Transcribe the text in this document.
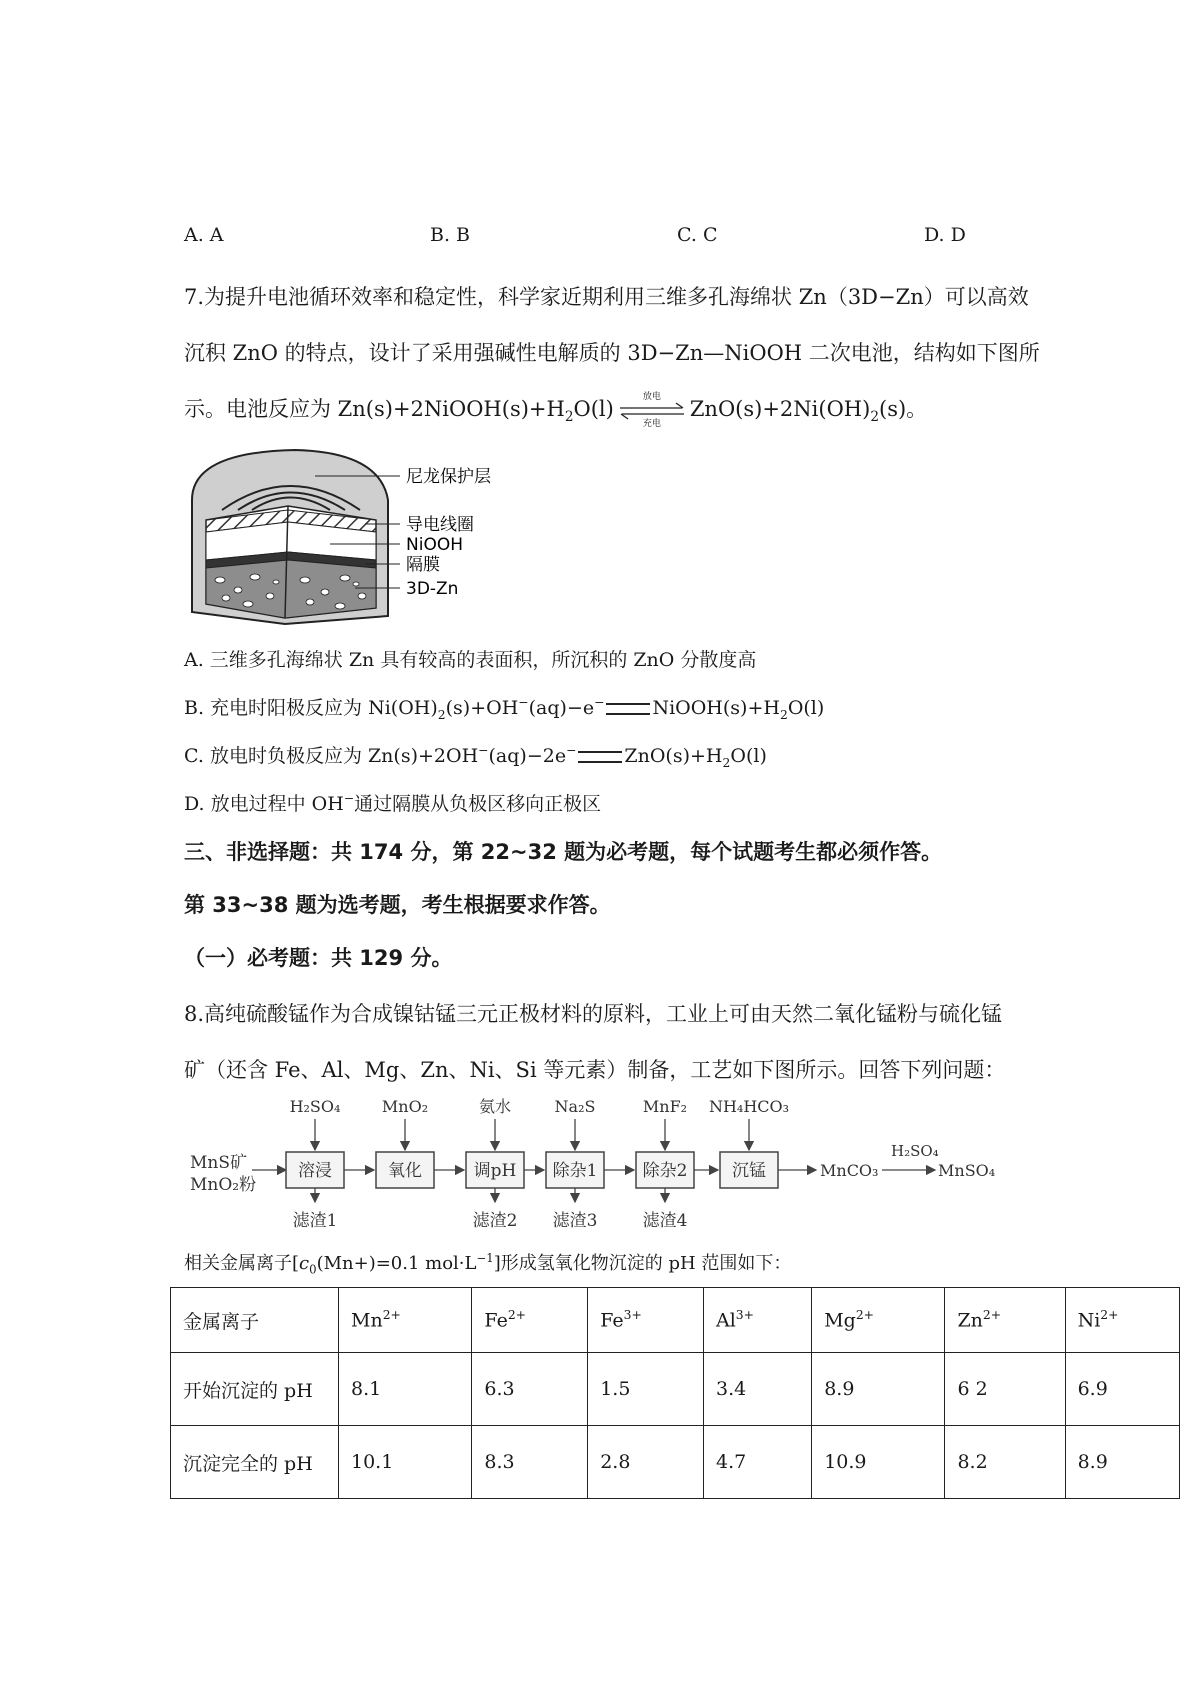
A. A	B. B	C. C	D. D
7.为提升电池循环效率和稳定性，科学家近期利用三维多孔海绵状 Zn（3D−Zn）可以高效
沉积 ZnO 的特点，设计了采用强碱性电解质的 3D−Zn—NiOOH 二次电池，结构如下图所
示。电池反应为 $Zn(s)+2NiOOH(s)+H_2O(l)$
放电
充电
$ZnO(s)+2Ni(OH)_2(s)$。
尼龙保护层
导电线圈
NiOOH
隔膜
3D-Zn
A. 三维多孔海绵状 Zn 具有较高的表面积，所沉积的 ZnO 分散度高
B. 充电时阳极反应为 $Ni(OH)_2(s)+OH^-(aq)-e^-$	$NiOOH(s)+H_2O(l)$
C. 放电时负极反应为 Zn(s)+2OH−(aq)−2e−	$ZnO(s)+H_2O(l)$
D. 放电过程中 OH−通过隔膜从负极区移向正极区
三、非选择题：共 174 分，第 22~32 题为必考题，每个试题考生都必须作答。
第 33~38 题为选考题，考生根据要求作答。
（一）必考题：共 129 分。
8.高纯硫酸锰作为合成镍钴锰三元正极材料的原料，工业上可由天然二氧化锰粉与硫化锰
矿（还含 Fe、Al、Mg、Zn、Ni、Si 等元素）制备，工艺如下图所示。回答下列问题：
MnS矿
MnO₂粉
溶浸
H₂SO₄
氧化
MnO₂
调pH
氨水
除杂1
Na₂S
除杂2
MnF₂
沉锰
NH₄HCO₃
滤渣1	滤渣2 滤渣3	滤渣4
MnCO₃
H₂SO₄
MnSO₄
相关金属离子[$c_0(Mn+)=0.1$ $mol\cdot L^{-1}$]形成氢氧化物沉淀的 pH 范围如下：
金属离子	$Mn^{2+}$	$Fe^{2+}$	$Fe^{3+}$	$Al^{3+}$	$Mg^{2+}$	$Zn^{2+}$	$Ni^{2+}$
开始沉淀的 pH	8.1	6.3	1.5	3.4	8.9	6 2	6.9
沉淀完全的 pH	10.1	8.3	2.8	4.7	10.9	8.2	8.9
